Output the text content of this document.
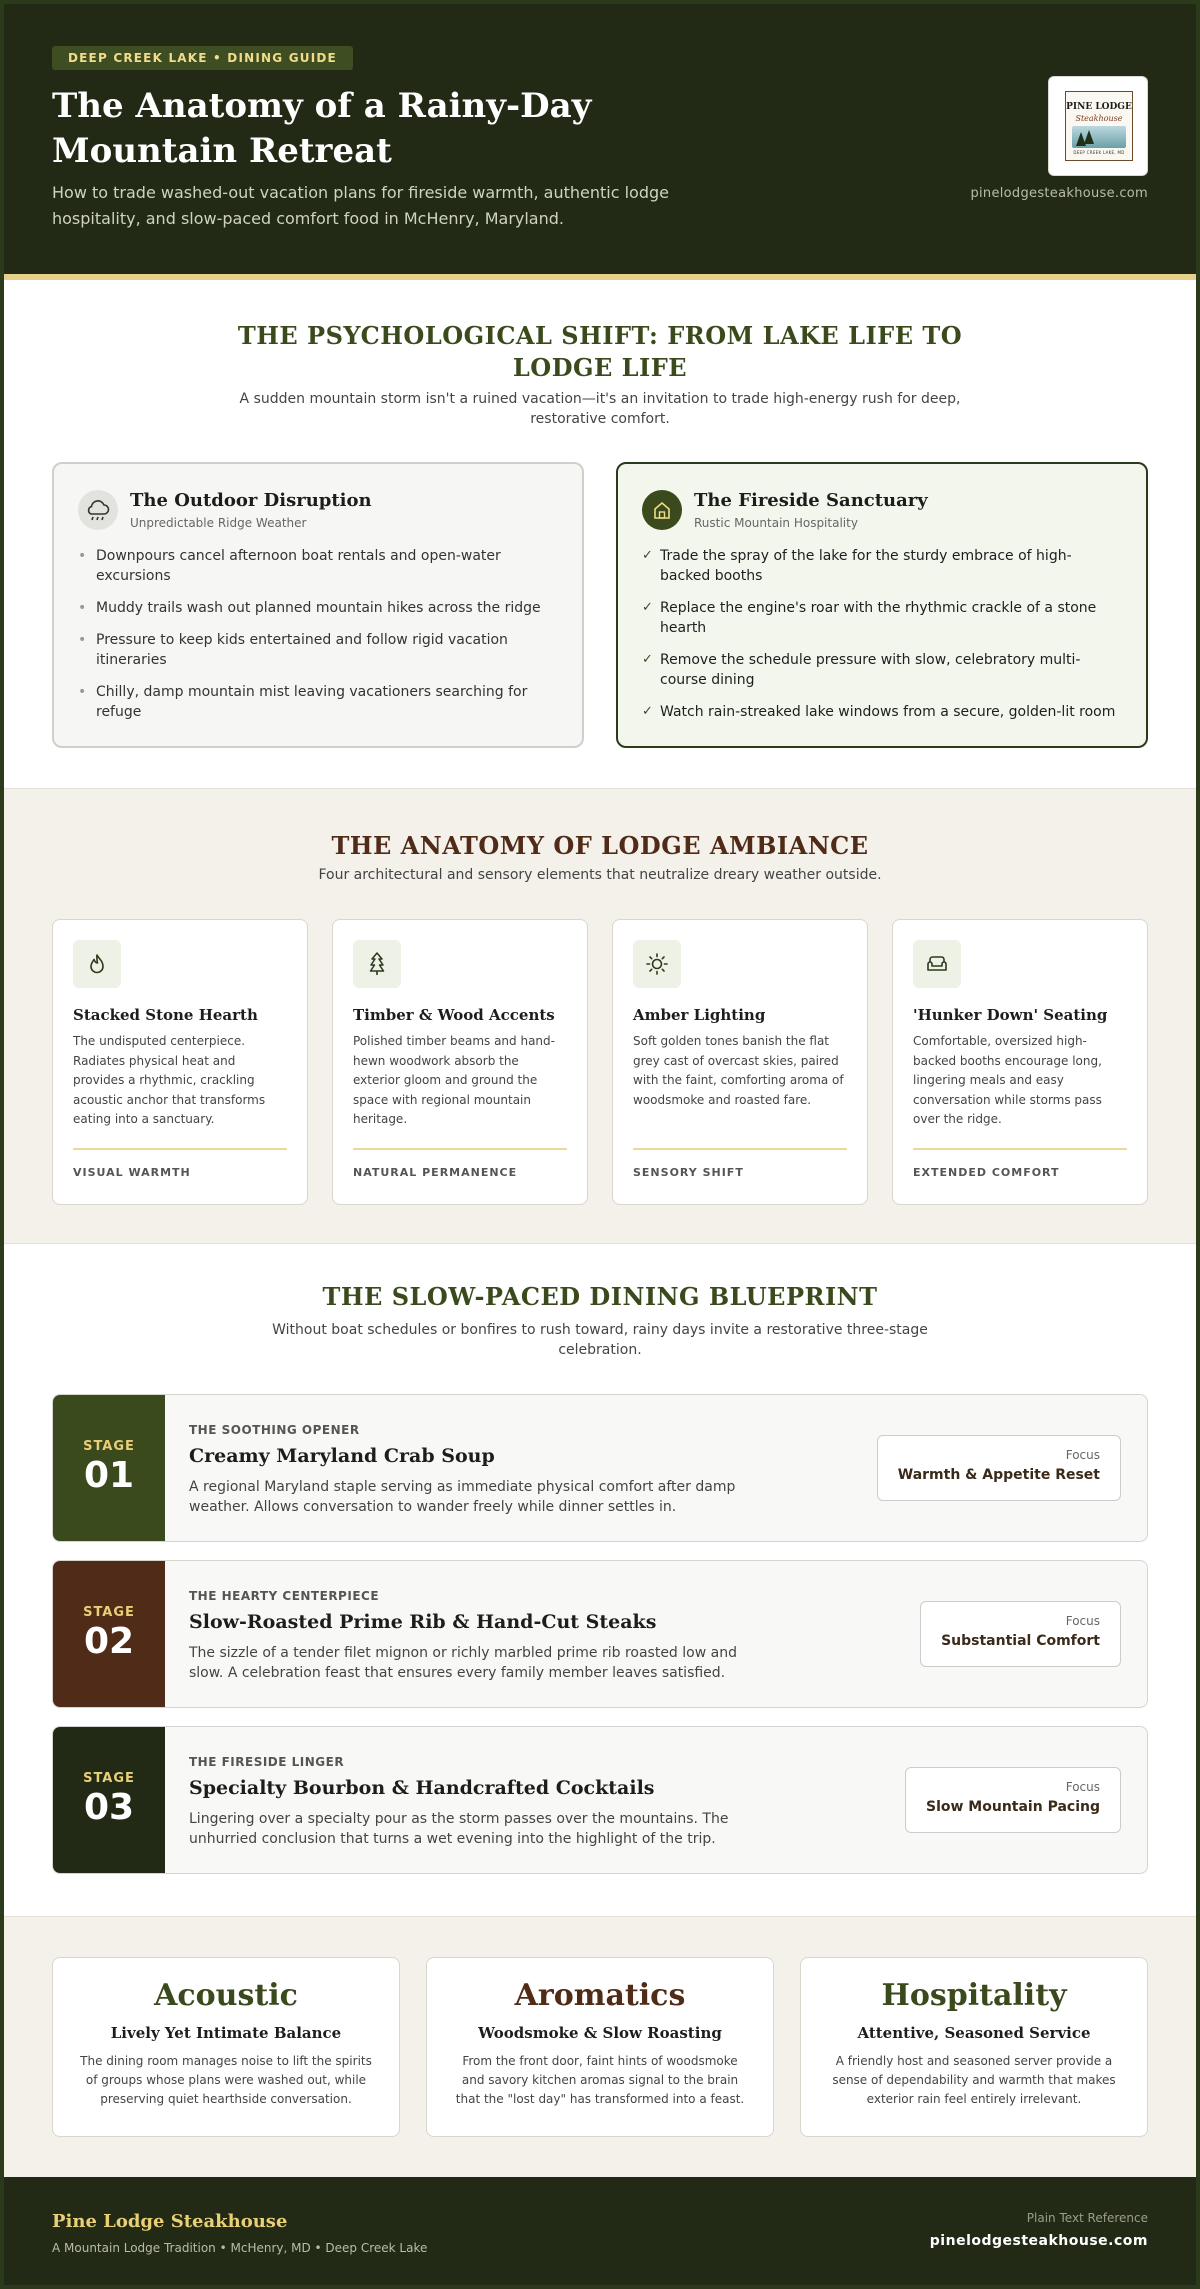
DEEP CREEK LAKE • DINING GUIDE
The Anatomy of a Rainy-Day Mountain Retreat

How to trade washed-out vacation plans for fireside warmth, authentic lodge hospitality, and slow-paced comfort food in McHenry, Maryland.

PINE LODGE
Steakhouse
DEEP CREEK LAKE, MD
pinelodgesteakhouse.com
THE PSYCHOLOGICAL SHIFT: FROM LAKE LIFE TO LODGE LIFE

A sudden mountain storm isn't a ruined vacation—it's an invitation to trade high-energy rush for deep, restorative comfort.

The Outdoor Disruption
Unpredictable Ridge Weather
• Downpours cancel afternoon boat rentals and open-water excursions
• Muddy trails wash out planned mountain hikes across the ridge
• Pressure to keep kids entertained and follow rigid vacation itineraries
• Chilly, damp mountain mist leaving vacationers searching for refuge
The Fireside Sanctuary
Rustic Mountain Hospitality
✓ Trade the spray of the lake for the sturdy embrace of high-backed booths
✓ Replace the engine's roar with the rhythmic crackle of a stone hearth
✓ Remove the schedule pressure with slow, celebratory multi-course dining
✓ Watch rain-streaked lake windows from a secure, golden-lit room
THE ANATOMY OF LODGE AMBIANCE

Four architectural and sensory elements that neutralize dreary weather outside.

Stacked Stone Hearth
The undisputed centerpiece. Radiates physical heat and provides a rhythmic, crackling acoustic anchor that transforms eating into a sanctuary.
VISUAL WARMTH
Timber & Wood Accents
Polished timber beams and hand-hewn woodwork absorb the exterior gloom and ground the space with regional mountain heritage.
NATURAL PERMANENCE
Amber Lighting
Soft golden tones banish the flat grey cast of overcast skies, paired with the faint, comforting aroma of woodsmoke and roasted fare.
SENSORY SHIFT
'Hunker Down' Seating
Comfortable, oversized high-backed booths encourage long, lingering meals and easy conversation while storms pass over the ridge.
EXTENDED COMFORT
THE SLOW-PACED DINING BLUEPRINT

Without boat schedules or bonfires to rush toward, rainy days invite a restorative three-stage celebration.

STAGE
01
THE SOOTHING OPENER
Creamy Maryland Crab Soup
A regional Maryland staple serving as immediate physical comfort after damp weather. Allows conversation to wander freely while dinner settles in.
Focus
Warmth & Appetite Reset
STAGE
02
THE HEARTY CENTERPIECE
Slow-Roasted Prime Rib & Hand-Cut Steaks
The sizzle of a tender filet mignon or richly marbled prime rib roasted low and slow. A celebration feast that ensures every family member leaves satisfied.
Focus
Substantial Comfort
STAGE
03
THE FIRESIDE LINGER
Specialty Bourbon & Handcrafted Cocktails
Lingering over a specialty pour as the storm passes over the mountains. The unhurried conclusion that turns a wet evening into the highlight of the trip.
Focus
Slow Mountain Pacing
Acoustic
Lively Yet Intimate Balance
The dining room manages noise to lift the spirits of groups whose plans were washed out, while preserving quiet hearthside conversation.
Aromatics
Woodsmoke & Slow Roasting
From the front door, faint hints of woodsmoke and savory kitchen aromas signal to the brain that the "lost day" has transformed into a feast.
Hospitality
Attentive, Seasoned Service
A friendly host and seasoned server provide a sense of dependability and warmth that makes exterior rain feel entirely irrelevant.
Pine Lodge Steakhouse
A Mountain Lodge Tradition • McHenry, MD • Deep Creek Lake
Plain Text Reference
pinelodgesteakhouse.com
